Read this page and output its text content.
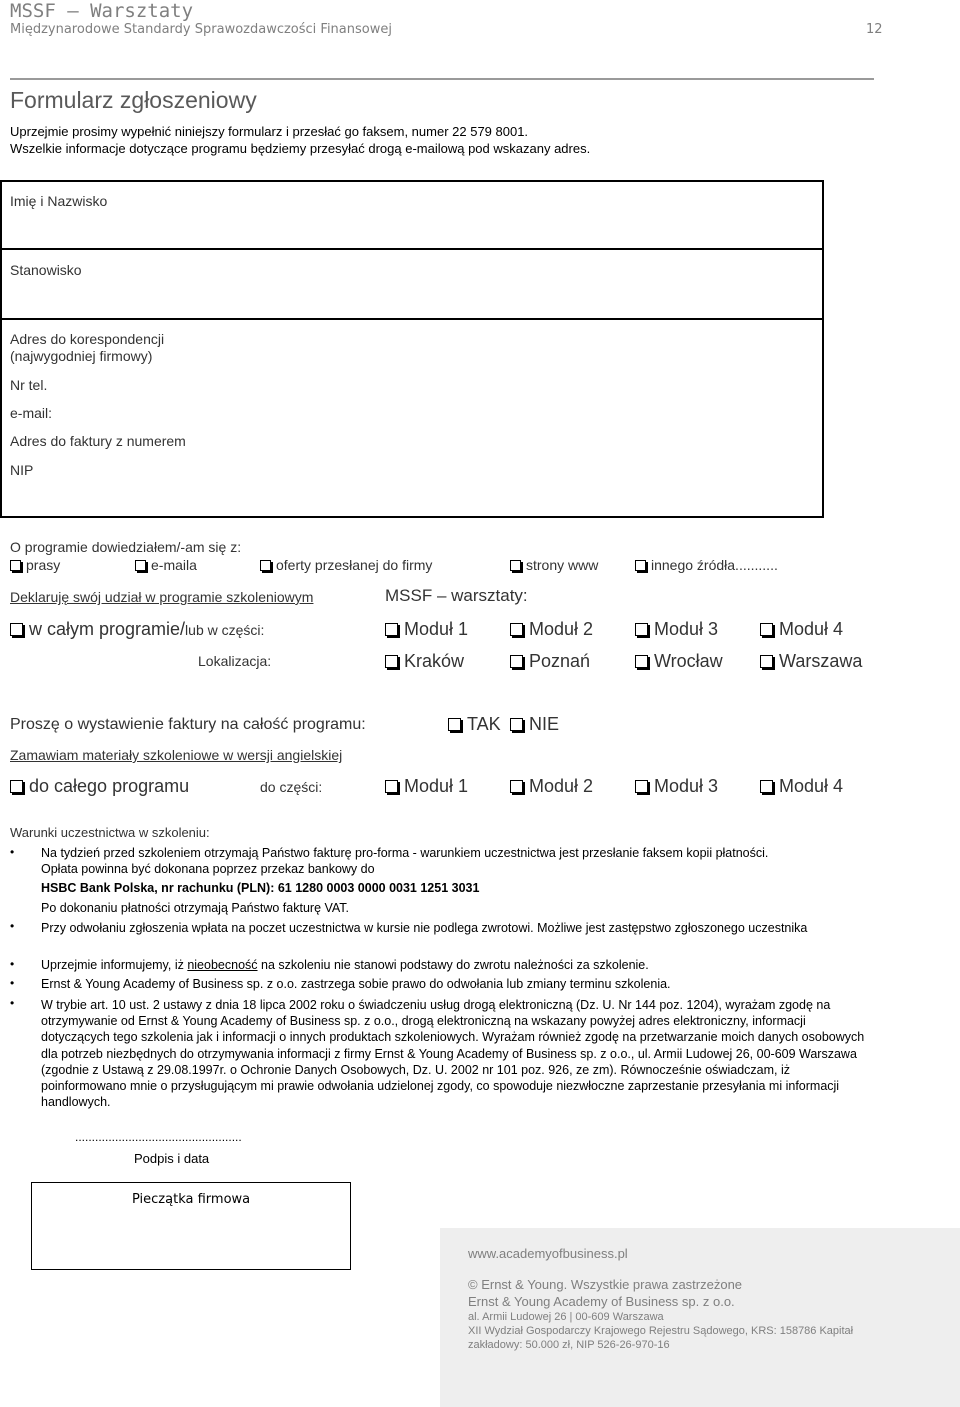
MSSF – Warsztaty
Międzynarodowe Standardy Sprawozdawczości Finansowej	12
Formularz zgłoszeniowy
Uprzejmie prosimy wypełnić niniejszy formularz i przesłać go faksem, numer 22 579 8001.
Wszelkie informacje dotyczące programu będziemy przesyłać drogą e-mailową pod wskazany adres.
Imię i Nazwisko
Stanowisko
Adres do korespondencji
(najwygodniej firmowy)
Nr tel.
e-mail:
Adres do faktury z numerem
NIP
O programie dowiedziałem/-am się z:
prasy	e-maila	oferty przesłanej do firmy	strony www	innego źródła...........
Deklaruję swój udział w programie szkoleniowym	MSSF – warsztaty:
w całym programie/lub w części:	Moduł 1	Moduł 2	Moduł 3	Moduł 4
Lokalizacja:	Kraków	Poznań	Wrocław	Warszawa
Proszę o wystawienie faktury na całość programu:	TAK	NIE
Zamawiam materiały szkoleniowe w wersji angielskiej
do całego programu	do części:	Moduł 1	Moduł 2	Moduł 3	Moduł 4
Warunki uczestnictwa w szkoleniu:
• Na tydzień przed szkoleniem otrzymają Państwo fakturę pro-forma - warunkiem uczestnictwa jest przesłanie faksem kopii płatności.
Opłata powinna być dokonana poprzez przekaz bankowy do
HSBC Bank Polska, nr rachunku (PLN): 61 1280 0003 0000 0031 1251 3031
Po dokonaniu płatności otrzymają Państwo fakturę VAT.
• Przy odwołaniu zgłoszenia wpłata na poczet uczestnictwa w kursie nie podlega zwrotowi. Możliwe jest zastępstwo zgłoszonego uczestnika
• Uprzejmie informujemy, iż nieobecność na szkoleniu nie stanowi podstawy do zwrotu należności za szkolenie.
• Ernst & Young Academy of Business sp. z o.o. zastrzega sobie prawo do odwołania lub zmiany terminu szkolenia.
• W trybie art. 10 ust. 2 ustawy z dnia 18 lipca 2002 roku o świadczeniu usług drogą elektroniczną (Dz. U. Nr 144 poz. 1204), wyrażam zgodę na otrzymywanie od Ernst & Young Academy of Business sp. z o.o., drogą elektroniczną na wskazany powyżej adres elektroniczny, informacji dotyczących tego szkolenia jak i informacji o innych produktach szkoleniowych. Wyrażam również zgodę na przetwarzanie moich danych osobowych dla potrzeb niezbędnych do otrzymywania informacji z firmy Ernst & Young Academy of Business sp. z o.o., ul. Armii Ludowej 26, 00-609 Warszawa (zgodnie z Ustawą z 29.08.1997r. o Ochronie Danych Osobowych, Dz. U. 2002 nr 101 poz. 926, ze zm). Równocześnie oświadczam, iż poinformowano mnie o przysługującym mi prawie odwołania udzielonej zgody, co spowoduje niezwłoczne zaprzestanie przesyłania mi informacji handlowych.
..................................................
Podpis i data
Pieczątka firmowa
www.academyofbusiness.pl
© Ernst & Young. Wszystkie prawa zastrzeżone
Ernst & Young Academy of Business sp. z o.o.
al. Armii Ludowej 26 | 00-609 Warszawa
XII Wydział Gospodarczy Krajowego Rejestru Sądowego, KRS: 158786 Kapitał
zakładowy: 50.000 zł, NIP 526-26-970-16
